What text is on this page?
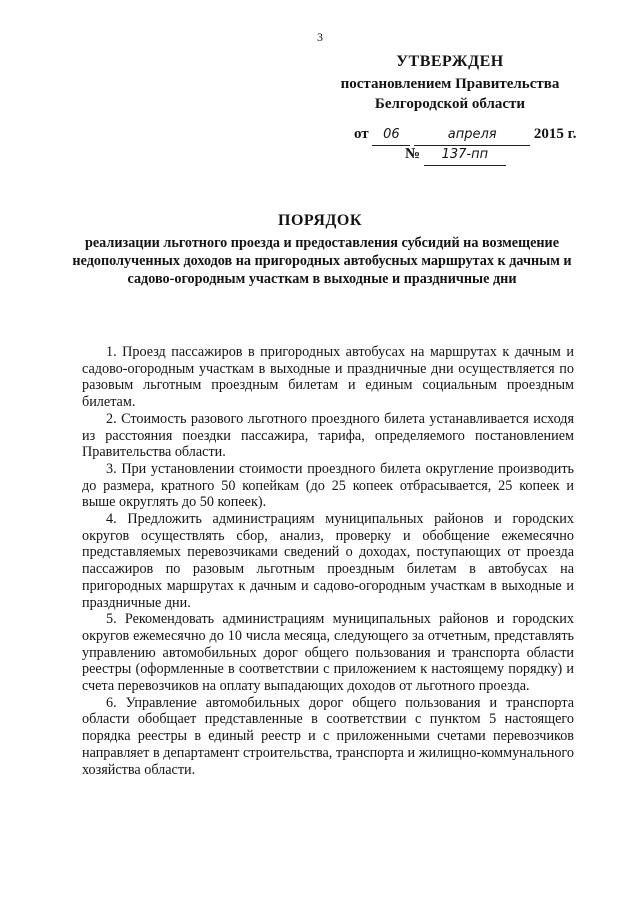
3
УТВЕРЖДЕН
постановлением Правительства
Белгородской области
от 06	апреля 2015 г.
№ 137-пп
ПОРЯДОК
реализации льготного проезда и предоставления субсидий на возмещение недополученных доходов на пригородных автобусных маршрутах к дачным и садово-огородным участкам в выходные и праздничные дни

1. Проезд пассажиров в пригородных автобусах на маршрутах к дачным и садово-огородным участкам в выходные и праздничные дни осуществляется по разовым льготным проездным билетам и единым социальным проездным билетам.

2. Стоимость разового льготного проездного билета устанавливается исходя из расстояния поездки пассажира, тарифа, определяемого постановлением Правительства области.

3. При установлении стоимости проездного билета округление производить до размера, кратного 50 копейкам (до 25 копеек отбрасывается, 25 копеек и выше округлять до 50 копеек).

4. Предложить администрациям муниципальных районов и городских округов осуществлять сбор, анализ, проверку и обобщение ежемесячно представляемых перевозчиками сведений о доходах, поступающих от проезда пассажиров по разовым льготным проездным билетам в автобусах на пригородных маршрутах к дачным и садово-огородным участкам в выходные и праздничные дни.

5. Рекомендовать администрациям муниципальных районов и городских округов ежемесячно до 10 числа месяца, следующего за отчетным, представлять управлению автомобильных дорог общего пользования и транспорта области реестры (оформленные в соответствии с приложением к настоящему порядку) и счета перевозчиков на оплату выпадающих доходов от льготного проезда.

6. Управление автомобильных дорог общего пользования и транспорта области обобщает представленные в соответствии с пунктом 5 настоящего порядка реестры в единый реестр и с приложенными счетами перевозчиков направляет в департамент строительства, транспорта и жилищно-коммунального хозяйства области.
